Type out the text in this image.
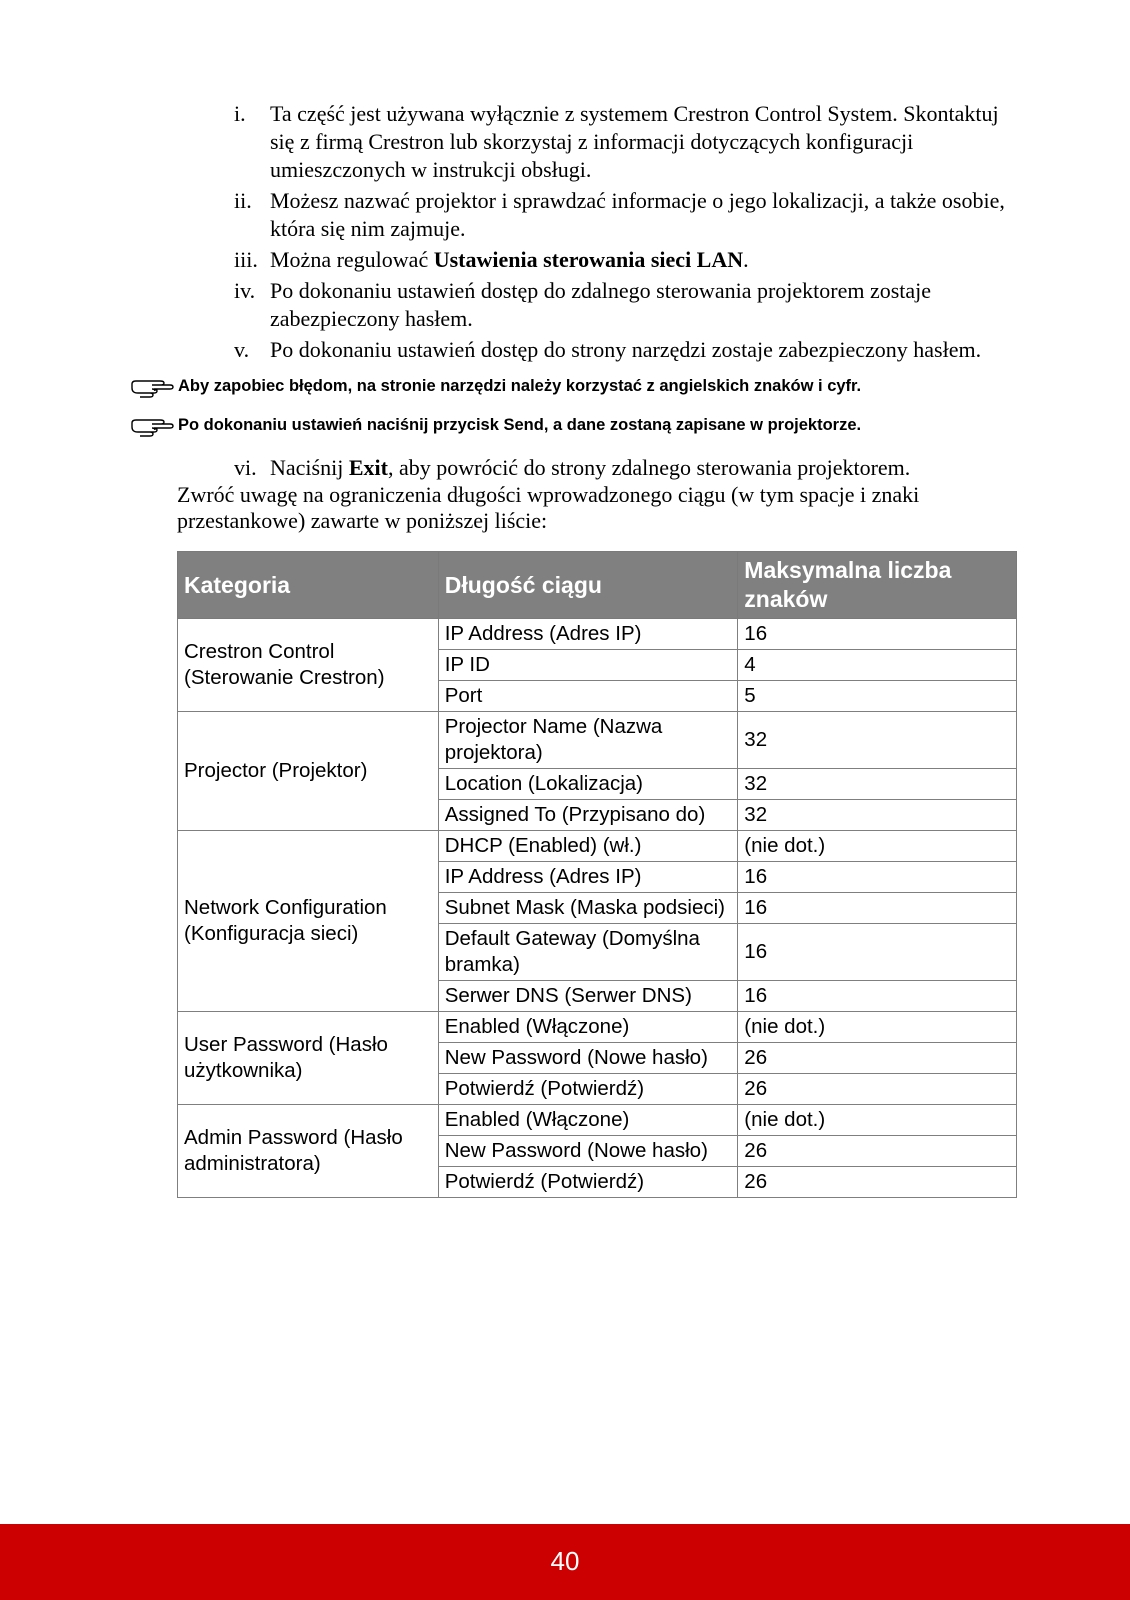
i.	Ta część jest używana wyłącznie z systemem Crestron Control System. Skontaktuj się z firmą Crestron lub skorzystaj z informacji dotyczących konfiguracji umieszczonych w instrukcji obsługi.
ii. Możesz nazwać projektor i sprawdzać informacje o jego lokalizacji, a także osobie, która się nim zajmuje.
iii. Można regulować Ustawienia sterowania sieci LAN.
iv. Po dokonaniu ustawień dostęp do zdalnego sterowania projektorem zostaje zabezpieczony hasłem.
v. Po dokonaniu ustawień dostęp do strony narzędzi zostaje zabezpieczony hasłem.
Aby zapobiec błędom, na stronie narzędzi należy korzystać z angielskich znaków i cyfr.
Po dokonaniu ustawień naciśnij przycisk Send, a dane zostaną zapisane w projektorze.
vi. Naciśnij Exit, aby powrócić do strony zdalnego sterowania projektorem.
Zwróć uwagę na ograniczenia długości wprowadzonego ciągu (w tym spacje i znaki przestankowe) zawarte w poniższej liście:
Kategoria	Długość ciągu	Maksymalna liczba znaków
Crestron Control (Sterowanie Crestron)	IP Address (Adres IP)	16
	IP ID	4
	Port	5
Projector (Projektor)	Projector Name (Nazwa projektora)	32
	Location (Lokalizacja)	32
	Assigned To (Przypisano do)	32
Network Configuration (Konfiguracja sieci)	DHCP (Enabled) (wł.)	(nie dot.)
	IP Address (Adres IP)	16
	Subnet Mask (Maska podsieci)	16
	Default Gateway (Domyślna bramka)	16
	Serwer DNS (Serwer DNS)	16
User Password (Hasło użytkownika)	Enabled (Włączone)	(nie dot.)
	New Password (Nowe hasło)	26
	Potwierdź (Potwierdź)	26
Admin Password (Hasło administratora)	Enabled (Włączone)	(nie dot.)
	New Password (Nowe hasło)	26
	Potwierdź (Potwierdź)	26
40
